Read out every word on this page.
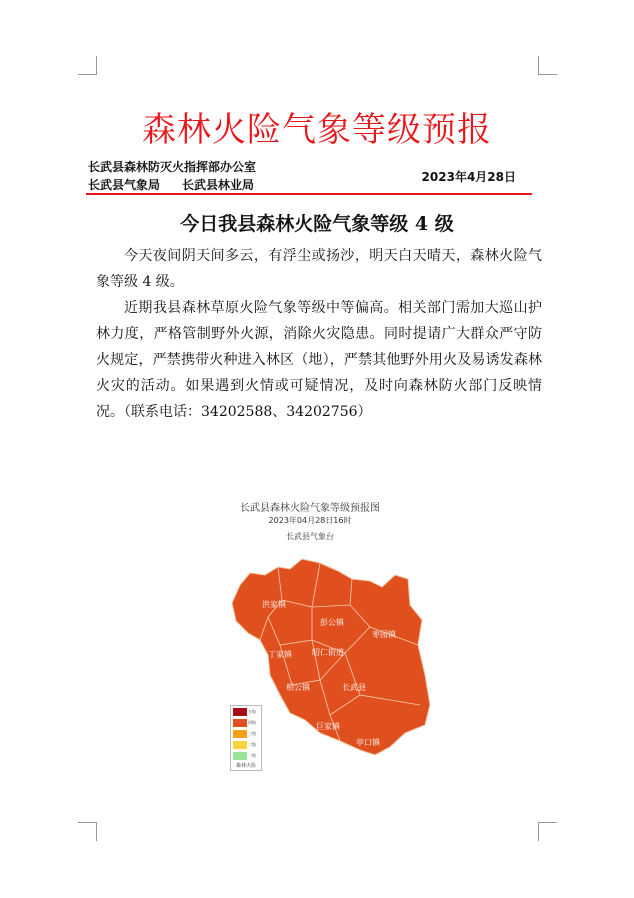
森林火险气象等级预报
长武县森林防灭火指挥部办公室
长武县气象局 长武县林业局
2023年4月28日
今日我县森林火险气象等级 4 级

今天夜间阴天间多云，有浮尘或扬沙，明天白天晴天，森林火险气象等级 4 级。

近期我县森林草原火险气象等级中等偏高。相关部门需加大巡山护林力度，严格管制野外火源，消除火灾隐患。同时提请广大群众严守防火规定，严禁携带火种进入林区（地），严禁其他野外用火及易诱发森林火灾的活动。如果遇到火情或可疑情况，及时向森林防火部门反映情况。（联系电话：34202588、34202756）

长武县森林火险气象等级预报图
2023年04月28日16时
长武县气象台
洪家镇
彭公镇
枣园镇
丁家镇	昭仁街道
相公镇	长武县
巨家镇
亭口镇
五级
四级
三级
二级
一级
森林火险
